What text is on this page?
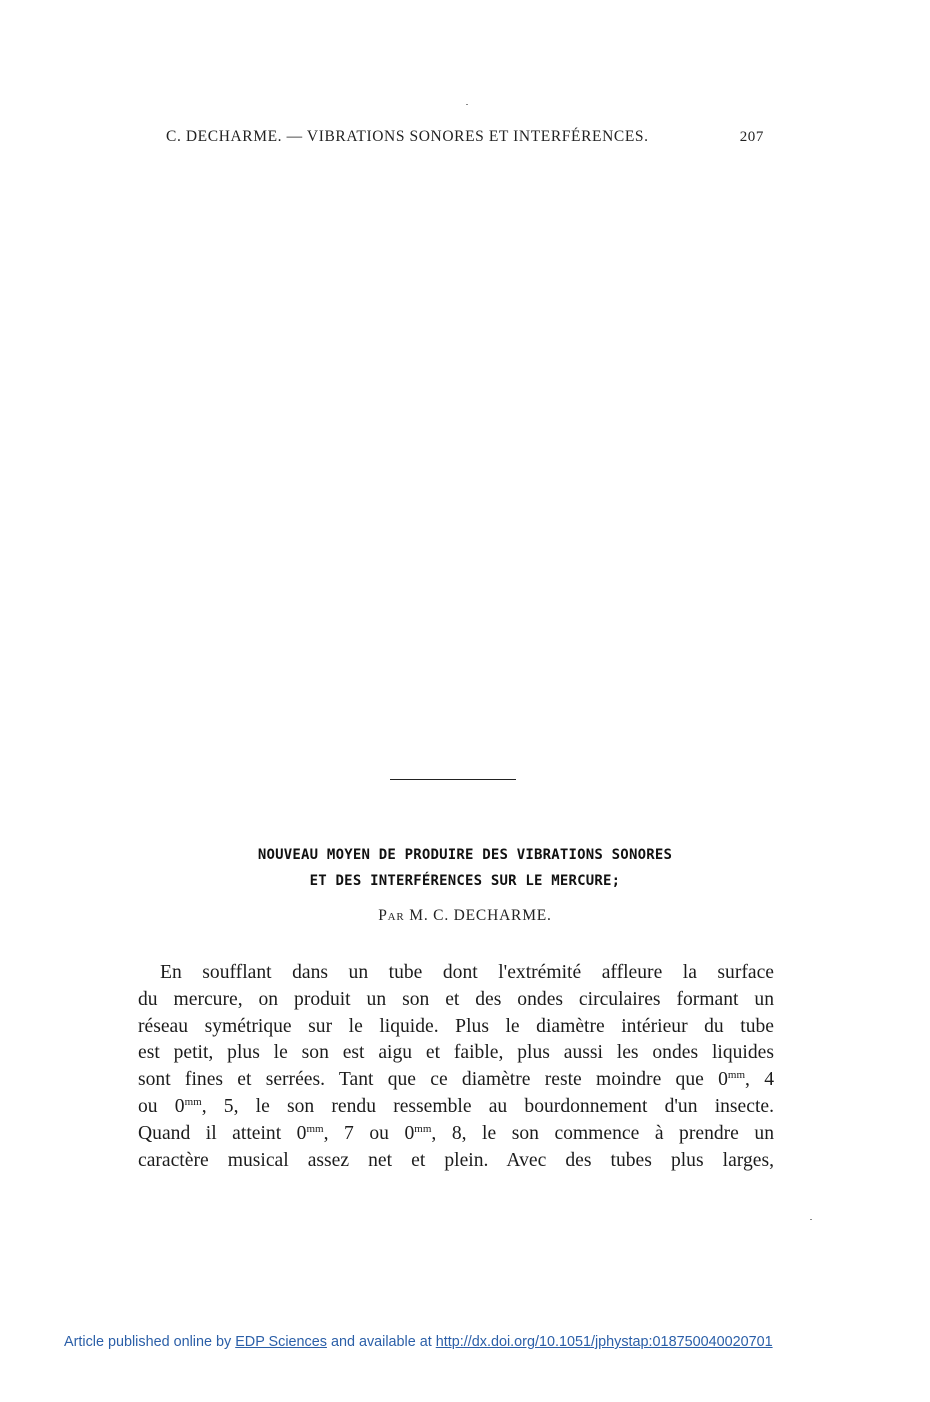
C. DECHARME. — VIBRATIONS SONORES ET INTERFÉRENCES.	207
NOUVEAU MOYEN DE PRODUIRE DES VIBRATIONS SONORES
ET DES INTERFÉRENCES SUR LE MERCURE;
Par M. C. DECHARME.
En soufflant dans un tube dont l'extrémité affleure la surface
du mercure, on produit un son et des ondes circulaires formant un
réseau symétrique sur le liquide. Plus le diamètre intérieur du tube
est petit, plus le son est aigu et faible, plus aussi les ondes liquides
sont fines et serrées. Tant que ce diamètre reste moindre que $0^{mm}$, 4
ou $0^{mm}$, 5, le son rendu ressemble au bourdonnement d'un insecte.
Quand il atteint $0^{mm}$, 7 ou $0^{mm}$, 8, le son commence à prendre un
caractère musical assez net et plein. Avec des tubes plus larges,
Article published online by EDP Sciences and available at http://dx.doi.org/10.1051/jphystap:018750040020701
